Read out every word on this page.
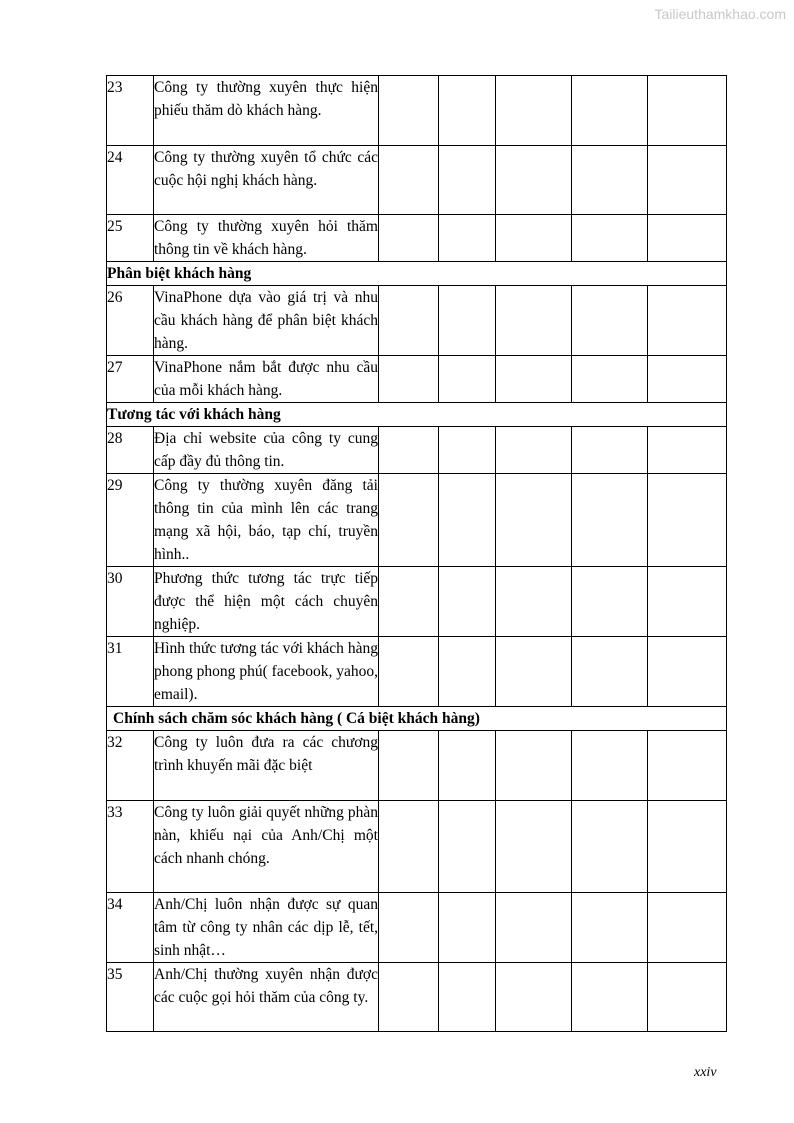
Tailieuthamkhao.com
23	Công ty thường xuyên thực hiện phiếu thăm dò khách hàng.					
24	Công ty thường xuyên tổ chức các cuộc hội nghị khách hàng.					
25	Công ty thường xuyên hỏi thăm thông tin về khách hàng.					
Phân biệt khách hàng						
26	VinaPhone dựa vào giá trị và nhu cầu khách hàng để phân biệt khách hàng.					
27	VinaPhone nắm bắt được nhu cầu của mỗi khách hàng.					
Tương tác với khách hàng						
28	Địa chỉ website của công ty cung cấp đầy đủ thông tin.					
29	Công ty thường xuyên đăng tải thông tin của mình lên các trang mạng xã hội, báo, tạp chí, truyền hình..					
30	Phương thức tương tác trực tiếp được thể hiện một cách chuyên nghiệp.					
31	Hình thức tương tác với khách hàng phong phong phú( facebook, yahoo, email).					
Chính sách chăm sóc khách hàng ( Cá biệt khách hàng)						
32	Công ty luôn đưa ra các chương trình khuyến mãi đặc biệt					
33	Công ty luôn giải quyết những phàn nàn, khiếu nại của Anh/Chị một cách nhanh chóng.					
34	Anh/Chị luôn nhận được sự quan tâm từ công ty nhân các dịp lễ, tết, sinh nhật…					
35	Anh/Chị thường xuyên nhận được các cuộc gọi hỏi thăm của công ty.					
xxiv
